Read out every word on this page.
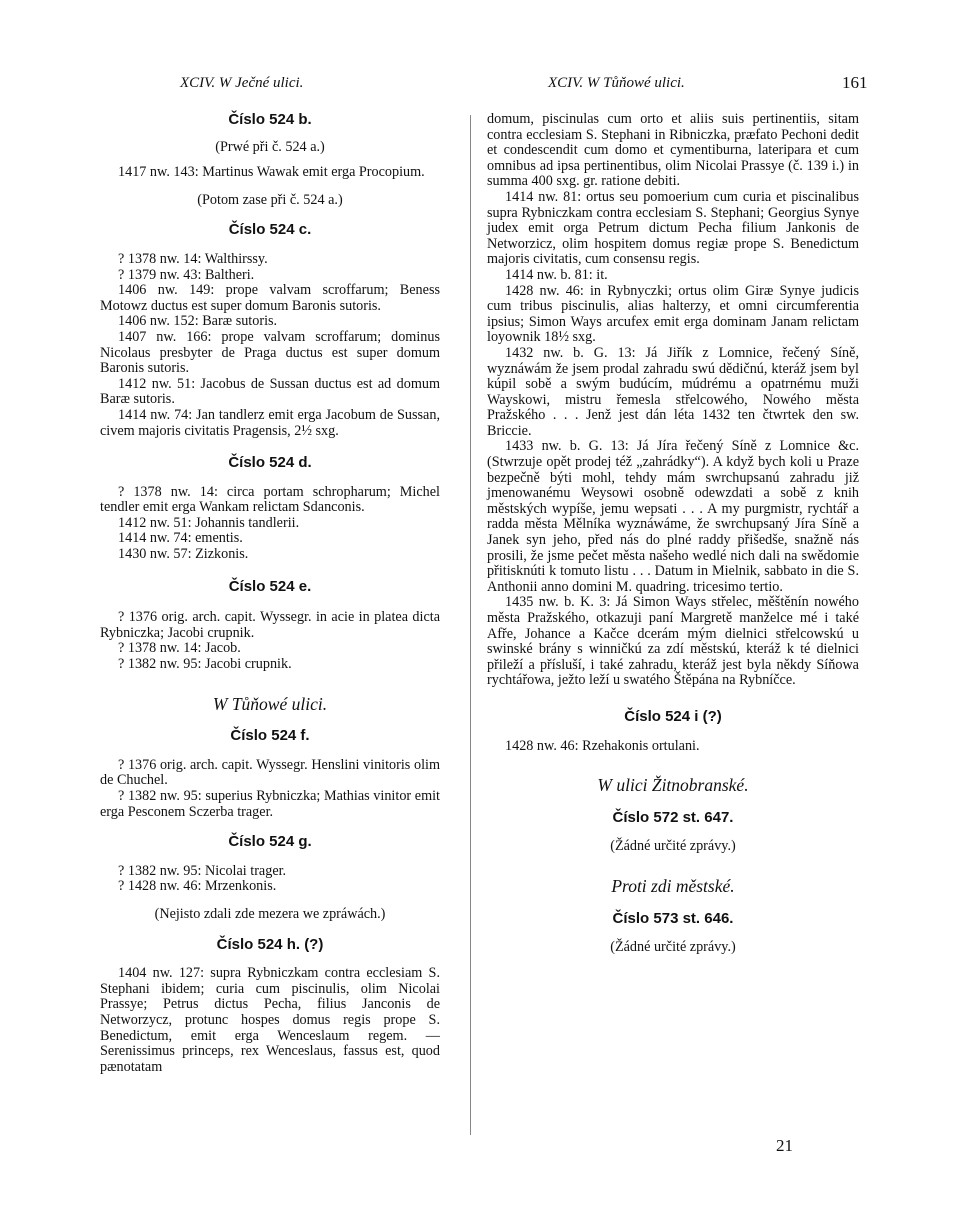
XCIV. W Ječné ulici.	XCIV. W Tůňowé ulici.	161
Číslo 524 b.
(Prwé při č. 524 a.)

1417 nw. 143: Martinus Wawak emit erga Procopium.

(Potom zase při č. 524 a.)
Číslo 524 c.

? 1378 nw. 14: Walthirssy.

? 1379 nw. 43: Baltheri.

1406 nw. 149: prope valvam scroffarum; Beness Motowz ductus est super domum Baronis sutoris.

1406 nw. 152: Baræ sutoris.

1407 nw. 166: prope valvam scroffarum; dominus Nicolaus presbyter de Praga ductus est super domum Baronis sutoris.

1412 nw. 51: Jacobus de Sussan ductus est ad domum Baræ sutoris.

1414 nw. 74: Jan tandlerz emit erga Jacobum de Sussan, civem majoris civitatis Pragensis, 2½ sxg.

Číslo 524 d.

? 1378 nw. 14: circa portam schropharum; Michel tendler emit erga Wankam relictam Sdanconis.

1412 nw. 51: Johannis tandlerii.

1414 nw. 74: ementis.

1430 nw. 57: Zizkonis.

Číslo 524 e.

? 1376 orig. arch. capit. Wyssegr. in acie in platea dicta Rybniczka; Jacobi crupnik.

? 1378 nw. 14: Jacob.

? 1382 nw. 95: Jacobi crupnik.

W Tůňowé ulici.
Číslo 524 f.

? 1376 orig. arch. capit. Wyssegr. Henslini vinitoris olim de Chuchel.

? 1382 nw. 95: superius Rybniczka; Mathias vinitor emit erga Pesconem Sczerba trager.

Číslo 524 g.

? 1382 nw. 95: Nicolai trager.

? 1428 nw. 46: Mrzenkonis.

(Nejisto zdali zde mezera we zpráwách.)
Číslo 524 h. (?)

1404 nw. 127: supra Rybniczkam contra ecclesiam S. Stephani ibidem; curia cum piscinulis, olim Nicolai Prassye; Petrus dictus Pecha, filius Janconis de Networzycz, protunc hospes domus regis prope S. Benedictum, emit erga Wenceslaum regem. — Serenissimus princeps, rex Wenceslaus, fassus est, quod pænotatam

domum, piscinulas cum orto et aliis suis pertinentiis, sitam contra ecclesiam S. Stephani in Ribniczka, præfato Pechoni dedit et condescendit cum domo et cymentiburna, lateripara et cum omnibus ad ipsa pertinentibus, olim Nicolai Prassye (č. 139 i.) in summa 400 sxg. gr. ratione debiti.

1414 nw. 81: ortus seu pomoerium cum curia et piscinalibus supra Rybniczkam contra ecclesiam S. Stephani; Georgius Synye judex emit orga Petrum dictum Pecha filium Jankonis de Networzicz, olim hospitem domus regiæ prope S. Benedictum majoris civitatis, cum consensu regis.

1414 nw. b. 81: it.

1428 nw. 46: in Rybnyczki; ortus olim Giræ Synye judicis cum tribus piscinulis, alias halterzy, et omni circumferentia ipsius; Simon Ways arcufex emit erga dominam Janam relictam loyownik 18½ sxg.

1432 nw. b. G. 13: Já Jiřík z Lomnice, řečený Síně, wyznáwám že jsem prodal zahradu swú dědičnú, kteráž jsem byl kúpil sobě a swým budúcím, múdrému a opatrnému muži Wayskowi, mistru řemesla střelcowého, Nowého města Pražského . . . Jenž jest dán léta 1432 ten čtwrtek den sw. Briccie.

1433 nw. b. G. 13: Já Jíra řečený Síně z Lomnice &c. (Stwrzuje opět prodej též „zahrádky“). A když bych koli u Praze bezpečně býti mohl, tehdy mám swrchupsanú zahradu již jmenowanému Weysowi osobně odewzdati a sobě z knih městských wypíše, jemu wepsati . . . A my purgmistr, rychtář a radda města Mělníka wyznáwáme, že swrchupsaný Jíra Síně a Janek syn jeho, před nás do plné raddy přišedše, snažně nás prosili, že jsme pečet města našeho wedlé nich dali na swědomie přitisknúti k tomuto listu . . . Datum in Mielnik, sabbato in die S. Anthonii anno domini M. quadring. tricesimo tertio.

1435 nw. b. K. 3: Já Simon Ways střelec, měštěnín nowého města Pražského, otkazuji paní Margretě manželce mé i také Afře, Johance a Kačce dcerám mým dielnici střelcowskú u swinské brány s winničkú za zdí městskú, kteráž k té dielnici přileží a přísluší, i také zahradu, kteráž jest byla někdy Síňowa rychtářowa, ježto leží u swatého Štěpána na Rybníčce.

Číslo 524 i (?)

1428 nw. 46: Rzehakonis ortulani.

W ulici Žitnobranské.
Číslo 572 st. 647.
(Žádné určité zprávy.)
Proti zdi městské.
Číslo 573 st. 646.
(Žádné určité zprávy.)
21
